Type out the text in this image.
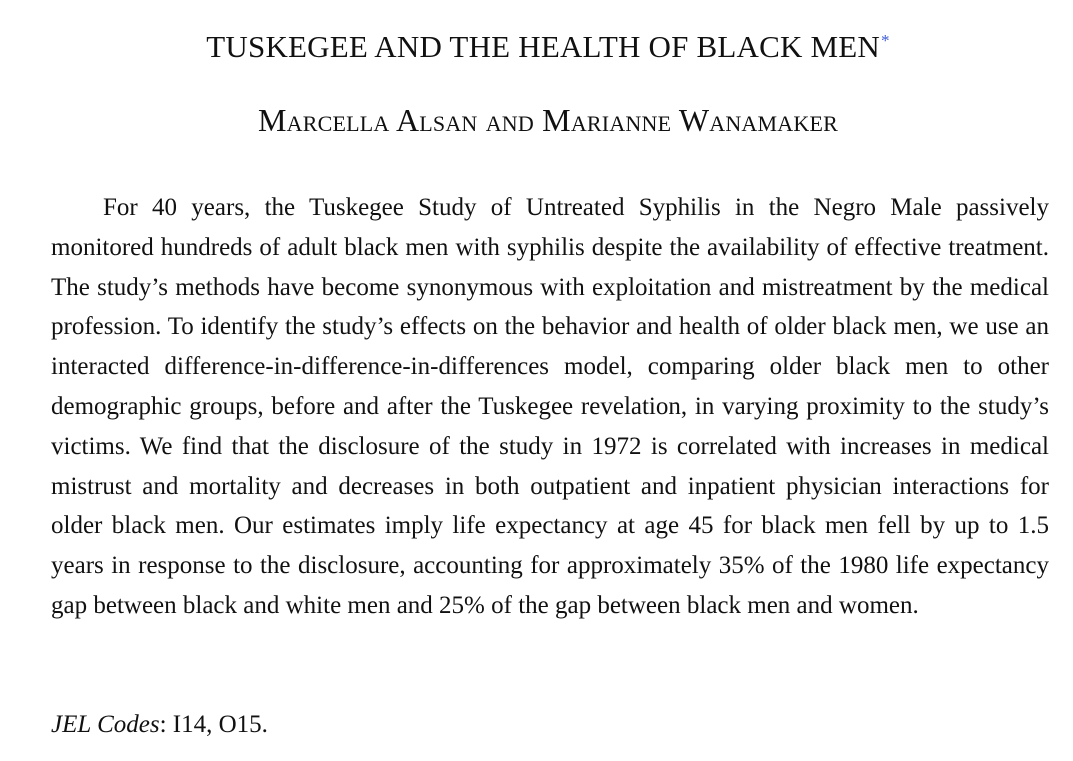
TUSKEGEE AND THE HEALTH OF BLACK MEN*
Marcella Alsan and Marianne Wanamaker

For 40 years, the Tuskegee Study of Untreated Syphilis in the Negro Male passively monitored hundreds of adult black men with syphilis despite the availability of effective treatment. The study’s methods have become synonymous with exploitation and mistreatment by the medical profession. To identify the study’s effects on the behavior and health of older black men, we use an interacted difference-in-difference-in-differences model, comparing older black men to other demographic groups, before and after the Tuskegee revelation, in varying proximity to the study’s victims. We find that the disclosure of the study in 1972 is correlated with increases in medical mistrust and mortality and decreases in both outpatient and inpatient physician interactions for older black men. Our estimates imply life expectancy at age 45 for black men fell by up to 1.5 years in response to the disclosure, accounting for approximately 35% of the 1980 life expectancy gap between black and white men and 25% of the gap between black men and women.

JEL Codes: I14, O15.
